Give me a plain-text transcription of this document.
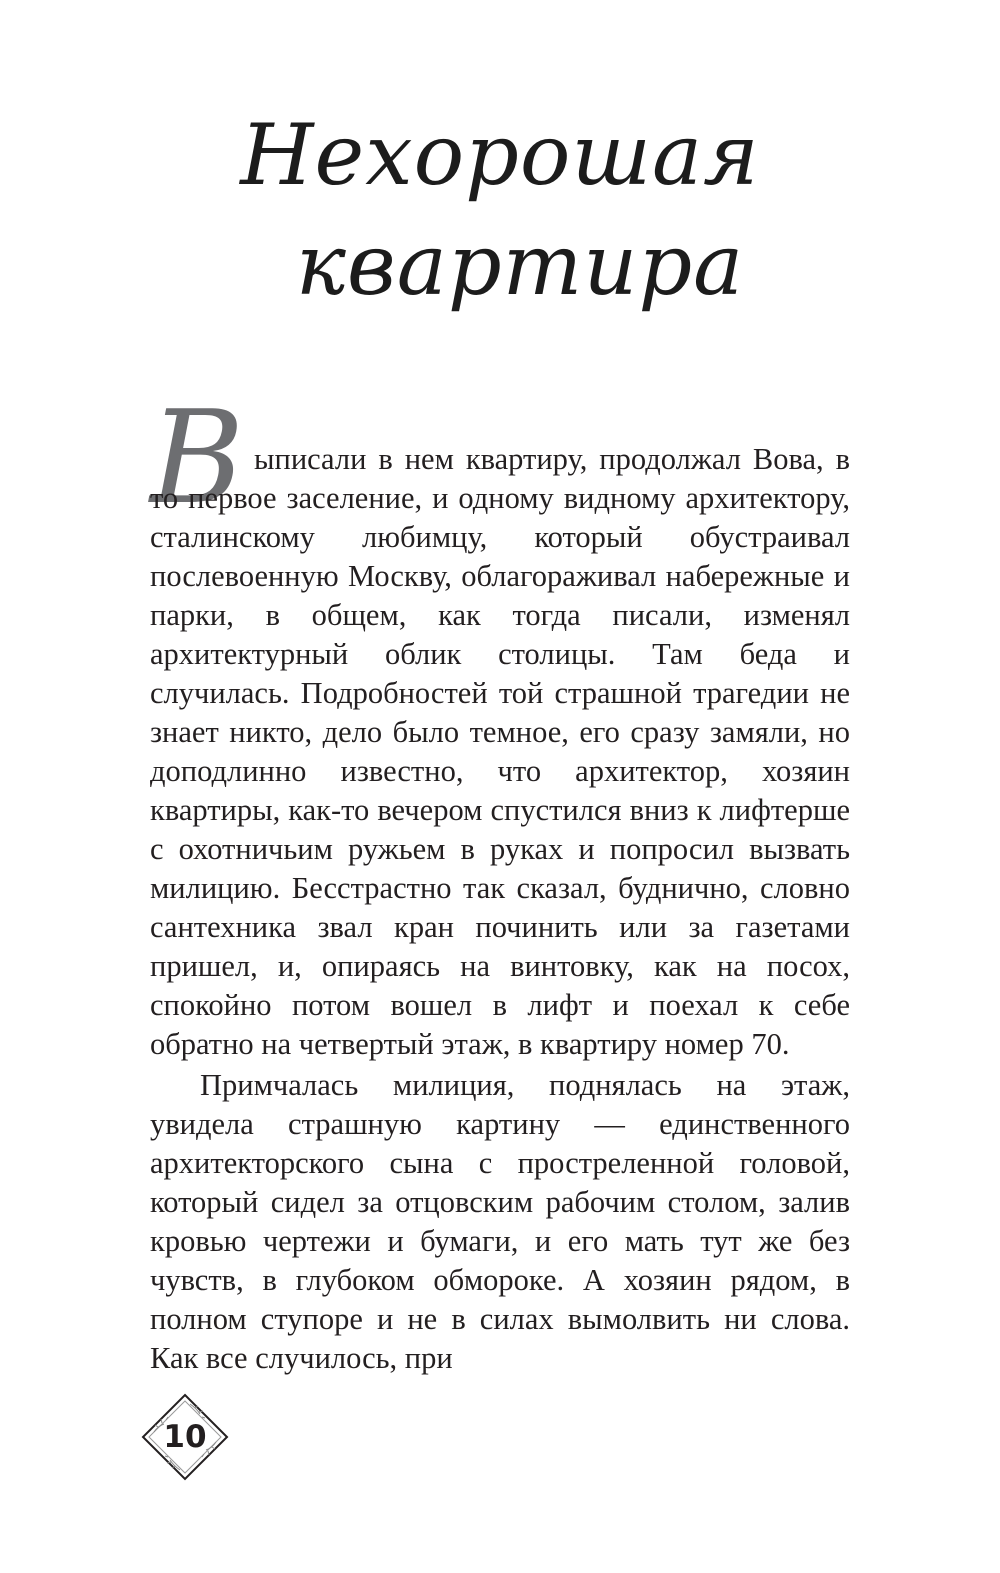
Нехорошая
квартира
В ыписали в нем квартиру, продолжал Вова, в то первое заселение, и одному видному архитектору, сталинскому любимцу, который обустраивал послевоенную Москву, облагораживал набережные и парки, в общем, как тогда писали, изменял архитектурный облик столицы. Там беда и случилась. Подробностей той страшной трагедии не знает никто, дело было темное, его сразу замяли, но доподлинно известно, что архитектор, хозяин квартиры, как-то вечером спустился вниз к лифтерше с охотничьим ружьем в руках и попросил вызвать милицию. Бесстрастно так сказал, буднично, словно сантехника звал кран починить или за газетами пришел, и, опираясь на винтовку, как на посох, спокойно потом вошел в лифт и поехал к себе обратно на четвертый этаж, в квартиру номер 70.

Примчалась милиция, поднялась на этаж, увидела страшную картину — единственного архитекторского сына с простреленной головой, который сидел за отцовским рабочим столом, залив кровью чертежи и бумаги, и его мать тут же без чувств, в глубоком обмороке. А хозяин рядом, в полном ступоре и не в силах вымолвить ни слова. Как все случилось, при

10
